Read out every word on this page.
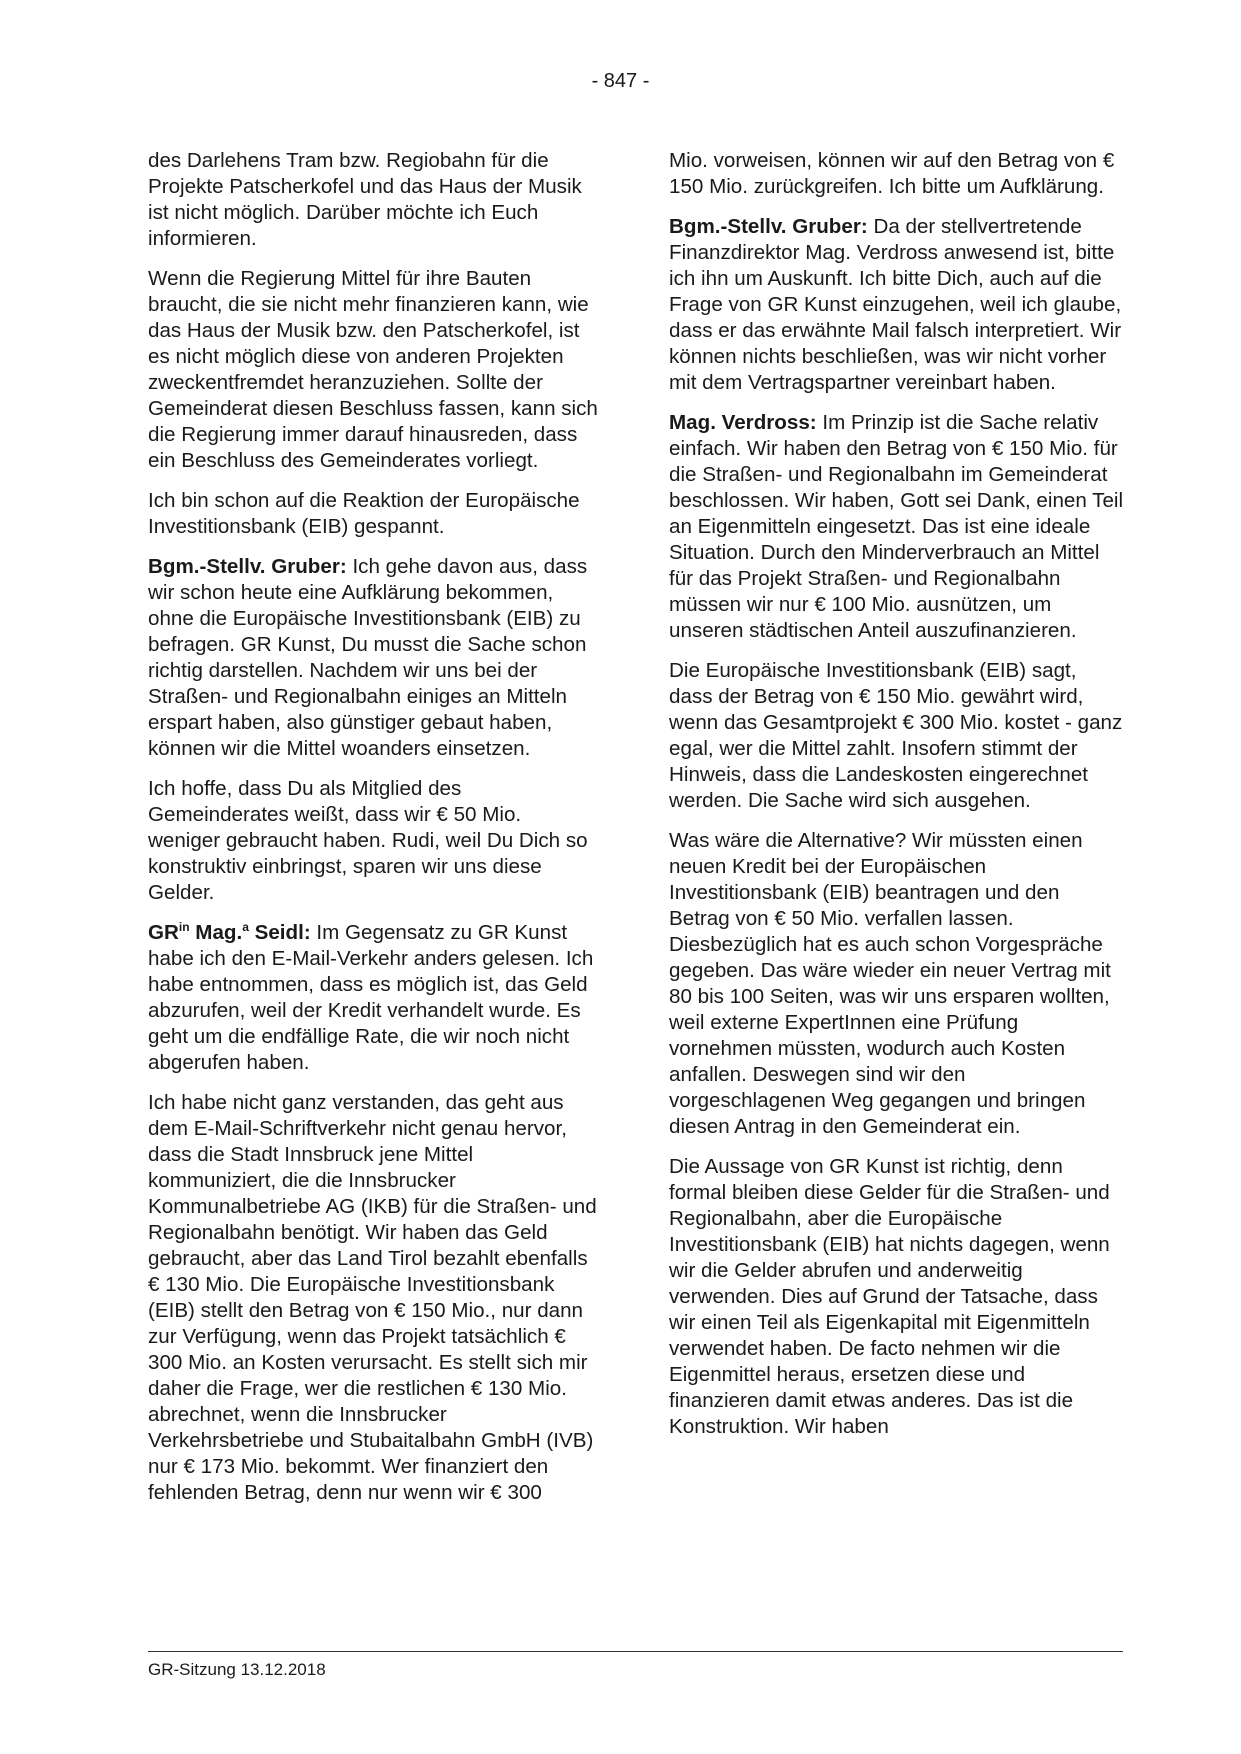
- 847 -

des Darlehens Tram bzw. Regiobahn für die Projekte Patscherkofel und das Haus der Musik ist nicht möglich. Darüber möchte ich Euch informieren.

Wenn die Regierung Mittel für ihre Bauten braucht, die sie nicht mehr finanzieren kann, wie das Haus der Musik bzw. den Patscherkofel, ist es nicht möglich diese von anderen Projekten zweckentfremdet heranzuziehen. Sollte der Gemeinderat diesen Beschluss fassen, kann sich die Regierung immer darauf hinausreden, dass ein Beschluss des Gemeinderates vorliegt.

Ich bin schon auf die Reaktion der Europäische Investitionsbank (EIB) gespannt.

Bgm.-Stellv. Gruber: Ich gehe davon aus, dass wir schon heute eine Aufklärung bekommen, ohne die Europäische Investitionsbank (EIB) zu befragen. GR Kunst, Du musst die Sache schon richtig darstellen. Nachdem wir uns bei der Straßen- und Regionalbahn einiges an Mitteln erspart haben, also günstiger gebaut haben, können wir die Mittel woanders einsetzen.

Ich hoffe, dass Du als Mitglied des Gemeinderates weißt, dass wir € 50 Mio. weniger gebraucht haben. Rudi, weil Du Dich so konstruktiv einbringst, sparen wir uns diese Gelder.

$GR^{in}$ Mag.$^a$ Seidl: Im Gegensatz zu GR Kunst habe ich den E-Mail-Verkehr anders gelesen. Ich habe entnommen, dass es möglich ist, das Geld abzurufen, weil der Kredit verhandelt wurde. Es geht um die endfällige Rate, die wir noch nicht abgerufen haben.

Ich habe nicht ganz verstanden, das geht aus dem E-Mail-Schriftverkehr nicht genau hervor, dass die Stadt Innsbruck jene Mittel kommuniziert, die die Innsbrucker Kommunalbetriebe AG (IKB) für die Straßen- und Regionalbahn benötigt. Wir haben das Geld gebraucht, aber das Land Tirol bezahlt ebenfalls € 130 Mio. Die Europäische Investitionsbank (EIB) stellt den Betrag von € 150 Mio., nur dann zur Verfügung, wenn das Projekt tatsächlich € 300 Mio. an Kosten verursacht. Es stellt sich mir daher die Frage, wer die restlichen € 130 Mio. abrechnet, wenn die Innsbrucker Verkehrsbetriebe und Stubaitalbahn GmbH (IVB) nur € 173 Mio. bekommt. Wer finanziert den fehlenden Betrag, denn nur wenn wir € 300

Mio. vorweisen, können wir auf den Betrag von € 150 Mio. zurückgreifen. Ich bitte um Aufklärung.

Bgm.-Stellv. Gruber: Da der stellvertretende Finanzdirektor Mag. Verdross anwesend ist, bitte ich ihn um Auskunft. Ich bitte Dich, auch auf die Frage von GR Kunst einzugehen, weil ich glaube, dass er das erwähnte Mail falsch interpretiert. Wir können nichts beschließen, was wir nicht vorher mit dem Vertragspartner vereinbart haben.

Mag. Verdross: Im Prinzip ist die Sache relativ einfach. Wir haben den Betrag von € 150 Mio. für die Straßen- und Regionalbahn im Gemeinderat beschlossen. Wir haben, Gott sei Dank, einen Teil an Eigenmitteln eingesetzt. Das ist eine ideale Situation. Durch den Minderverbrauch an Mittel für das Projekt Straßen- und Regionalbahn müssen wir nur € 100 Mio. ausnützen, um unseren städtischen Anteil auszufinanzieren.

Die Europäische Investitionsbank (EIB) sagt, dass der Betrag von € 150 Mio. gewährt wird, wenn das Gesamtprojekt € 300 Mio. kostet - ganz egal, wer die Mittel zahlt. Insofern stimmt der Hinweis, dass die Landeskosten eingerechnet werden. Die Sache wird sich ausgehen.

Was wäre die Alternative? Wir müssten einen neuen Kredit bei der Europäischen Investitionsbank (EIB) beantragen und den Betrag von € 50 Mio. verfallen lassen. Diesbezüglich hat es auch schon Vorgespräche gegeben. Das wäre wieder ein neuer Vertrag mit 80 bis 100 Seiten, was wir uns ersparen wollten, weil externe ExpertInnen eine Prüfung vornehmen müssten, wodurch auch Kosten anfallen. Deswegen sind wir den vorgeschlagenen Weg gegangen und bringen diesen Antrag in den Gemeinderat ein.

Die Aussage von GR Kunst ist richtig, denn formal bleiben diese Gelder für die Straßen- und Regionalbahn, aber die Europäische Investitionsbank (EIB) hat nichts dagegen, wenn wir die Gelder abrufen und anderweitig verwenden. Dies auf Grund der Tatsache, dass wir einen Teil als Eigenkapital mit Eigenmitteln verwendet haben. De facto nehmen wir die Eigenmittel heraus, ersetzen diese und finanzieren damit etwas anderes. Das ist die Konstruktion. Wir haben

GR-Sitzung 13.12.2018
